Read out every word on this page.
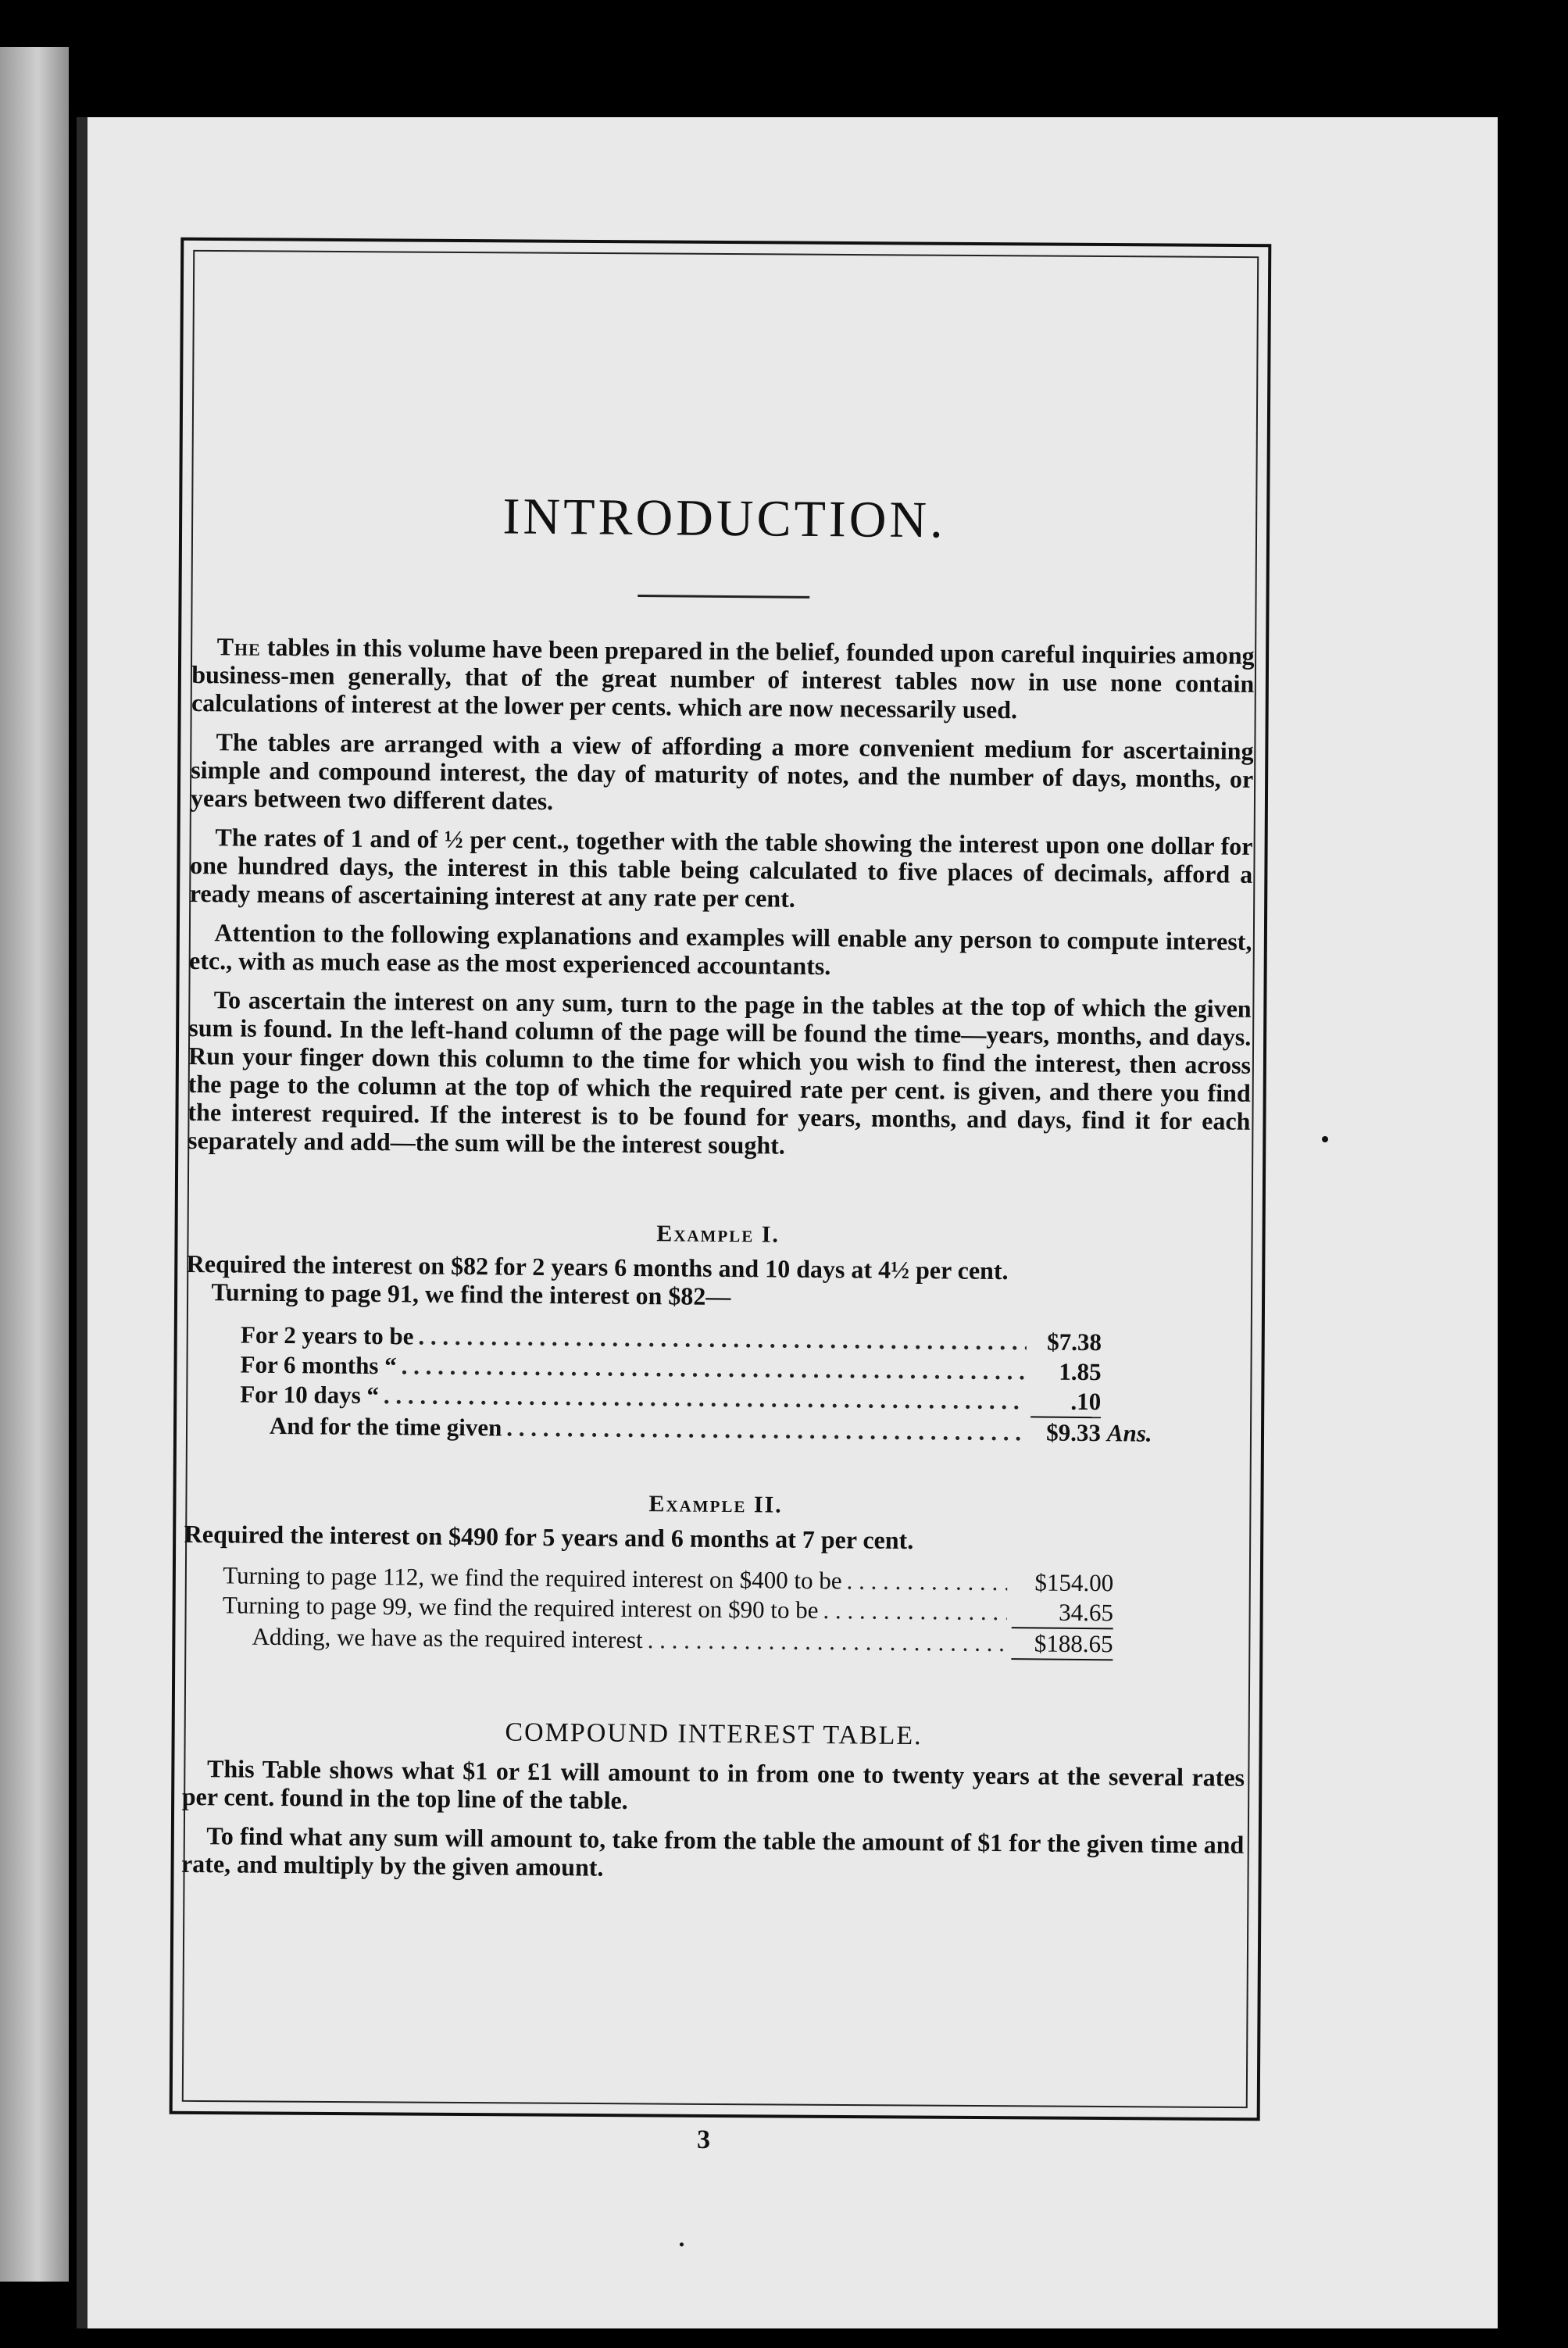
INTRODUCTION.

The tables in this volume have been prepared in the belief, founded upon careful inquiries among business-men generally, that of the great number of interest tables now in use none contain calculations of interest at the lower per cents. which are now necessarily used.

The tables are arranged with a view of affording a more convenient medium for ascertaining simple and compound interest, the day of maturity of notes, and the number of days, months, or years between two different dates.

The rates of 1 and of ½ per cent., together with the table showing the interest upon one dollar for one hundred days, the interest in this table being calculated to five places of decimals, afford a ready means of ascertaining interest at any rate per cent.

Attention to the following explanations and examples will enable any person to compute interest, etc., with as much ease as the most experienced accountants.

To ascertain the interest on any sum, turn to the page in the tables at the top of which the given sum is found. In the left-hand column of the page will be found the time—years, months, and days. Run your finger down this column to the time for which you wish to find the interest, then across the page to the column at the top of which the required rate per cent. is given, and there you find the interest required. If the interest is to be found for years, months, and days, find it for each separately and add—the sum will be the interest sought.

Example I.

Required the interest on $82 for 2 years 6 months and 10 days at 4½ per cent.

Turning to page 91, we find the interest on $82—

For 2 years to be . . .	$7.38
For 6 months “ . . .	1.85
For 10 days “ . . .	.10
And for the time given . . .	$9.33 Ans.
Example II.

Required the interest on $490 for 5 years and 6 months at 7 per cent.

Turning to page 112, we find the required interest on $400 to be . . .	$154.00
Turning to page 99, we find the required interest on $90 to be . . .	34.65
Adding, we have as the required interest . . .	$188.65
COMPOUND INTEREST TABLE.

This Table shows what $1 or £1 will amount to in from one to twenty years at the several rates per cent. found in the top line of the table.

To find what any sum will amount to, take from the table the amount of $1 for the given time and rate, and multiply by the given amount.

3
